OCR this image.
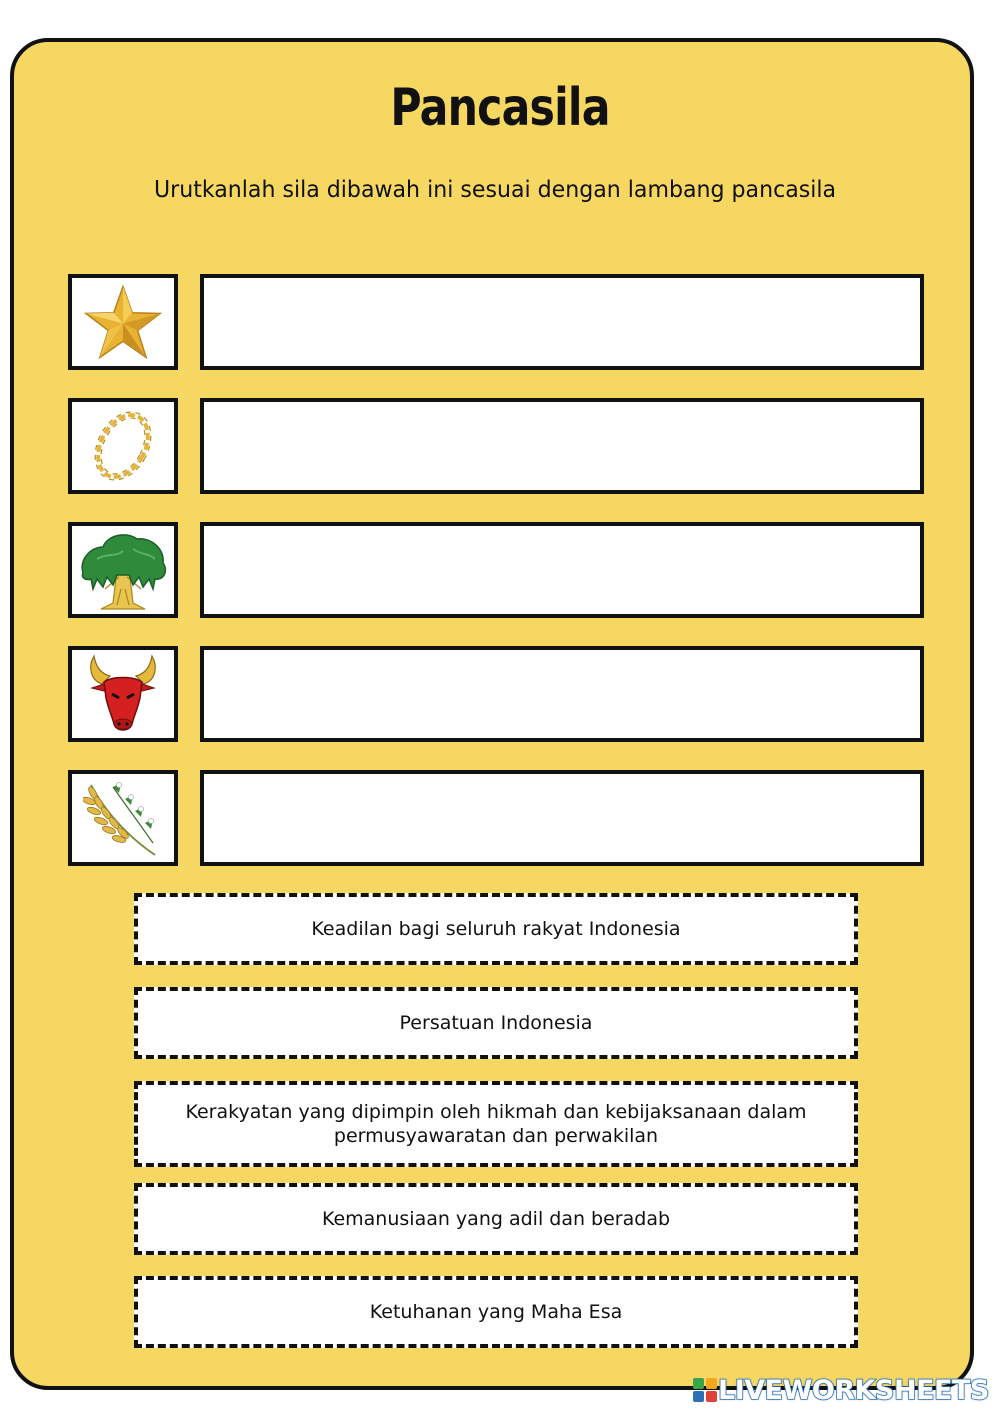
Pancasila

Urutkanlah sila dibawah ini sesuai dengan lambang pancasila

Keadilan bagi seluruh rakyat Indonesia
Persatuan Indonesia
Kerakyatan yang dipimpin oleh hikmah dan kebijaksanaan dalam permusyawaratan dan perwakilan
Kemanusiaan yang adil dan beradab
Ketuhanan yang Maha Esa
LIVEWORKSHEETS
